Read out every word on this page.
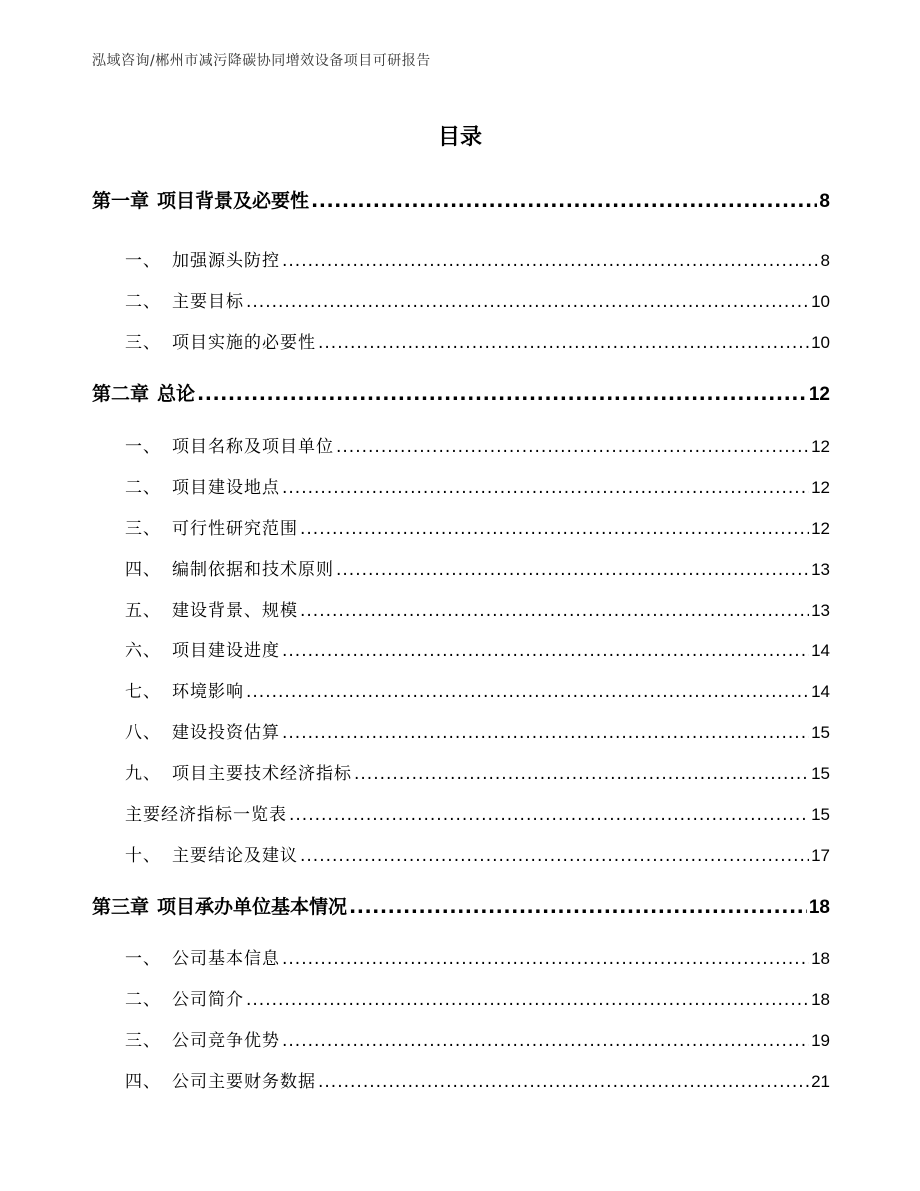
泓域咨询/郴州市减污降碳协同增效设备项目可研报告
目录
第一章 项目背景及必要性 .....	8
一、 加强源头防控 .....	8
二、 主要目标 .....	10
三、 项目实施的必要性 .....	10
第二章 总论 .....	12
一、 项目名称及项目单位 .....	12
二、 项目建设地点 .....	12
三、 可行性研究范围 .....	12
四、 编制依据和技术原则 .....	13
五、 建设背景、规模 .....	13
六、 项目建设进度 .....	14
七、 环境影响 .....	14
八、 建设投资估算 .....	15
九、 项目主要技术经济指标 .....	15
主要经济指标一览表 .....	15
十、 主要结论及建议 .....	17
第三章 项目承办单位基本情况 .....	18
一、 公司基本信息 .....	18
二、 公司简介 .....	18
三、 公司竞争优势 .....	19
四、 公司主要财务数据 .....	21
